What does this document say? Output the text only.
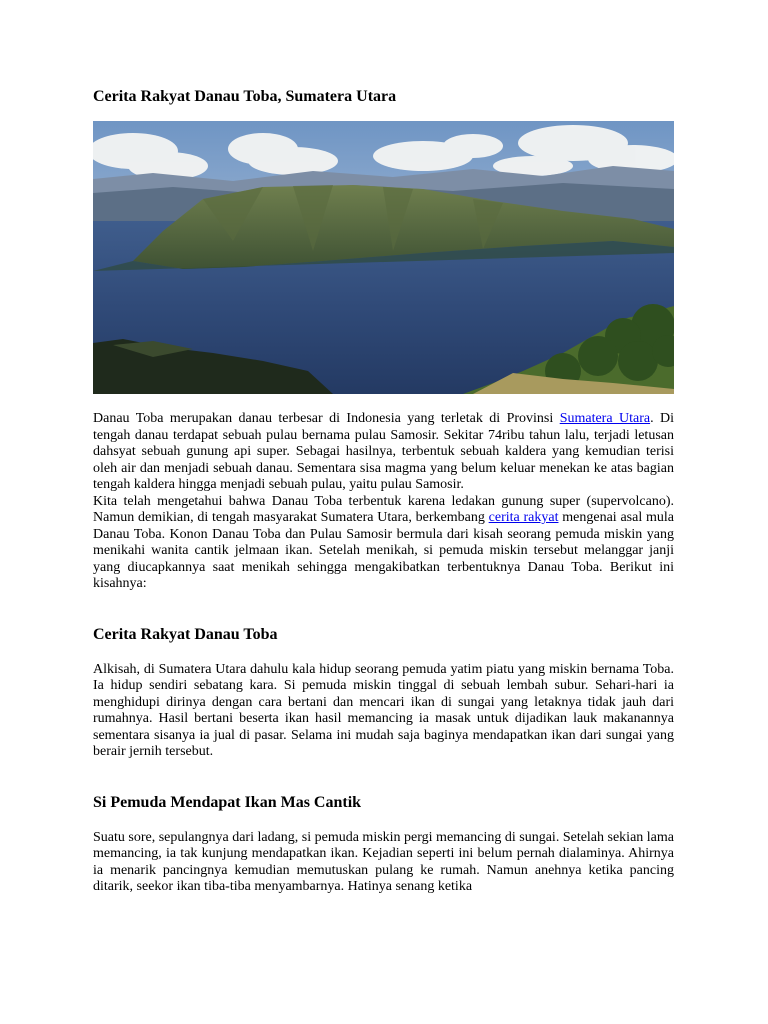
Cerita Rakyat Danau Toba, Sumatera Utara

Danau Toba merupakan danau terbesar di Indonesia yang terletak di Provinsi Sumatera Utara. Di tengah danau terdapat sebuah pulau bernama pulau Samosir. Sekitar 74ribu tahun lalu, terjadi letusan dahsyat sebuah gunung api super. Sebagai hasilnya, terbentuk sebuah kaldera yang kemudian terisi oleh air dan menjadi sebuah danau. Sementara sisa magma yang belum keluar menekan ke atas bagian tengah kaldera hingga menjadi sebuah pulau, yaitu pulau Samosir.

Kita telah mengetahui bahwa Danau Toba terbentuk karena ledakan gunung super (supervolcano). Namun demikian, di tengah masyarakat Sumatera Utara, berkembang cerita rakyat mengenai asal mula Danau Toba. Konon Danau Toba dan Pulau Samosir bermula dari kisah seorang pemuda miskin yang menikahi wanita cantik jelmaan ikan. Setelah menikah, si pemuda miskin tersebut melanggar janji yang diucapkannya saat menikah sehingga mengakibatkan terbentuknya Danau Toba. Berikut ini kisahnya:

Cerita Rakyat Danau Toba

Alkisah, di Sumatera Utara dahulu kala hidup seorang pemuda yatim piatu yang miskin bernama Toba. Ia hidup sendiri sebatang kara. Si pemuda miskin tinggal di sebuah lembah subur. Sehari-hari ia menghidupi dirinya dengan cara bertani dan mencari ikan di sungai yang letaknya tidak jauh dari rumahnya. Hasil bertani beserta ikan hasil memancing ia masak untuk dijadikan lauk makanannya sementara sisanya ia jual di pasar. Selama ini mudah saja baginya mendapatkan ikan dari sungai yang berair jernih tersebut.

Si Pemuda Mendapat Ikan Mas Cantik

Suatu sore, sepulangnya dari ladang, si pemuda miskin pergi memancing di sungai. Setelah sekian lama memancing, ia tak kunjung mendapatkan ikan. Kejadian seperti ini belum pernah dialaminya. Ahirnya ia menarik pancingnya kemudian memutuskan pulang ke rumah. Namun anehnya ketika pancing ditarik, seekor ikan tiba-tiba menyambarnya. Hatinya senang ketika
